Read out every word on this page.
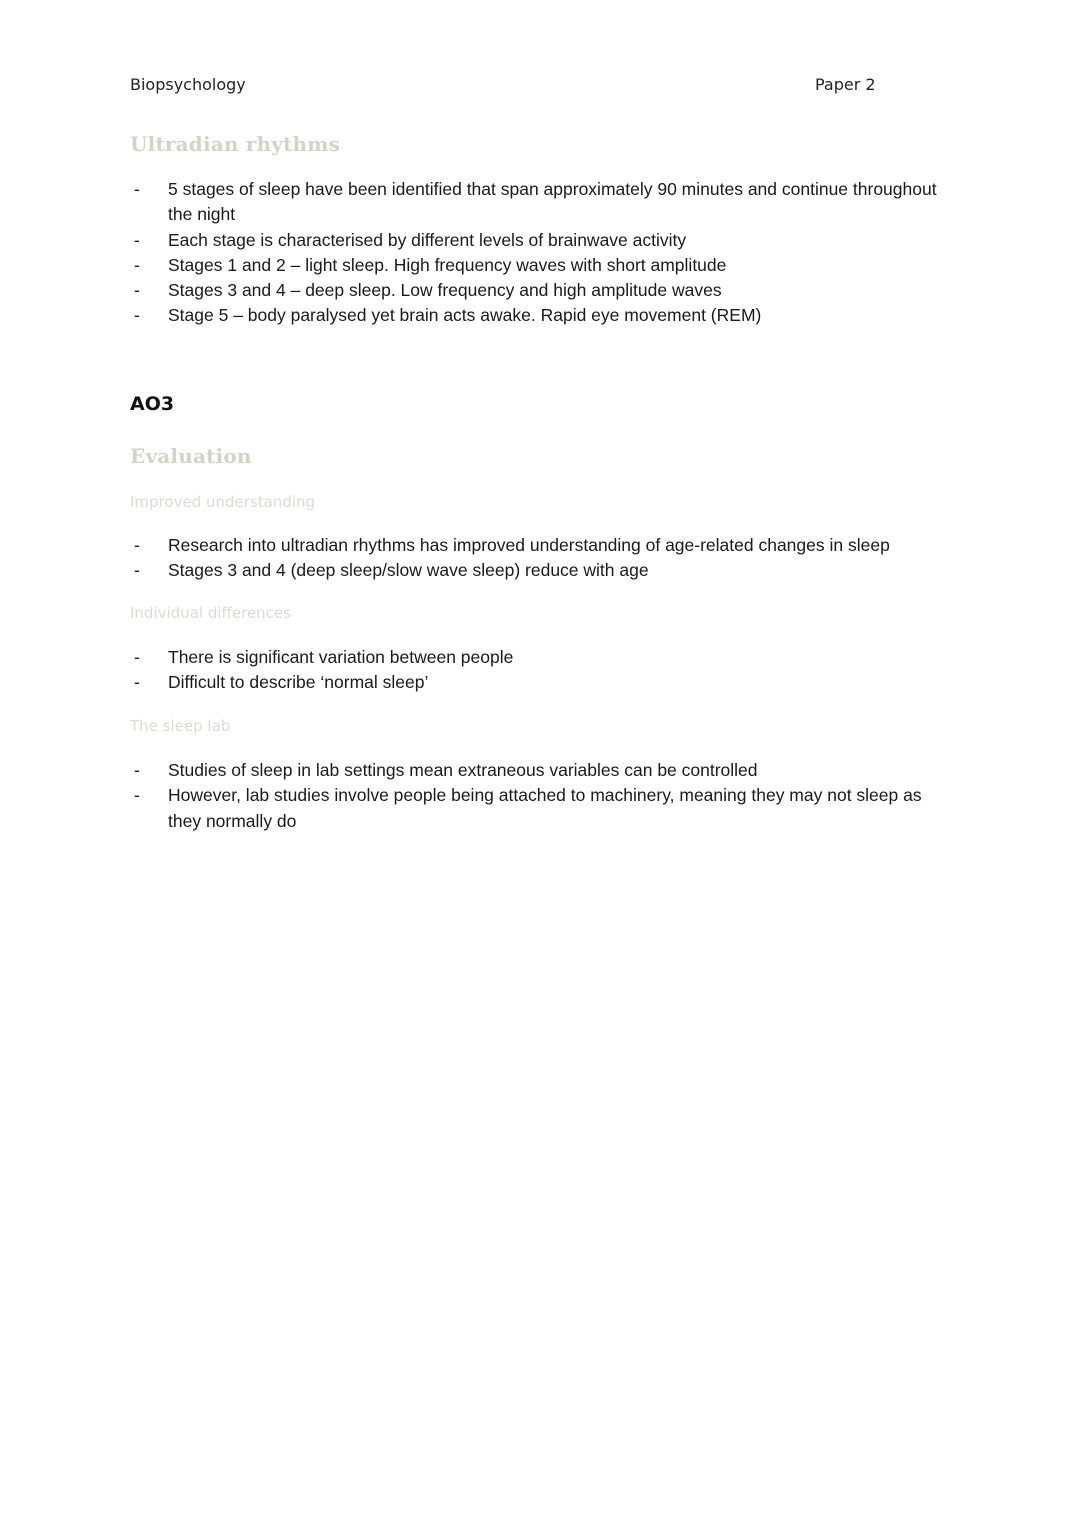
Biopsychology	Paper 2
Ultradian rhythms
- 5 stages of sleep have been identified that span approximately 90 minutes and continue throughout the night
- Each stage is characterised by different levels of brainwave activity
- Stages 1 and 2 – light sleep. High frequency waves with short amplitude
- Stages 3 and 4 – deep sleep. Low frequency and high amplitude waves
- Stage 5 – body paralysed yet brain acts awake. Rapid eye movement (REM)
AO3
Evaluation
Improved understanding
- Research into ultradian rhythms has improved understanding of age-related changes in sleep
- Stages 3 and 4 (deep sleep/slow wave sleep) reduce with age
Individual differences
- There is significant variation between people
- Difficult to describe ‘normal sleep’
The sleep lab
- Studies of sleep in lab settings mean extraneous variables can be controlled
- However, lab studies involve people being attached to machinery, meaning they may not sleep as they normally do
